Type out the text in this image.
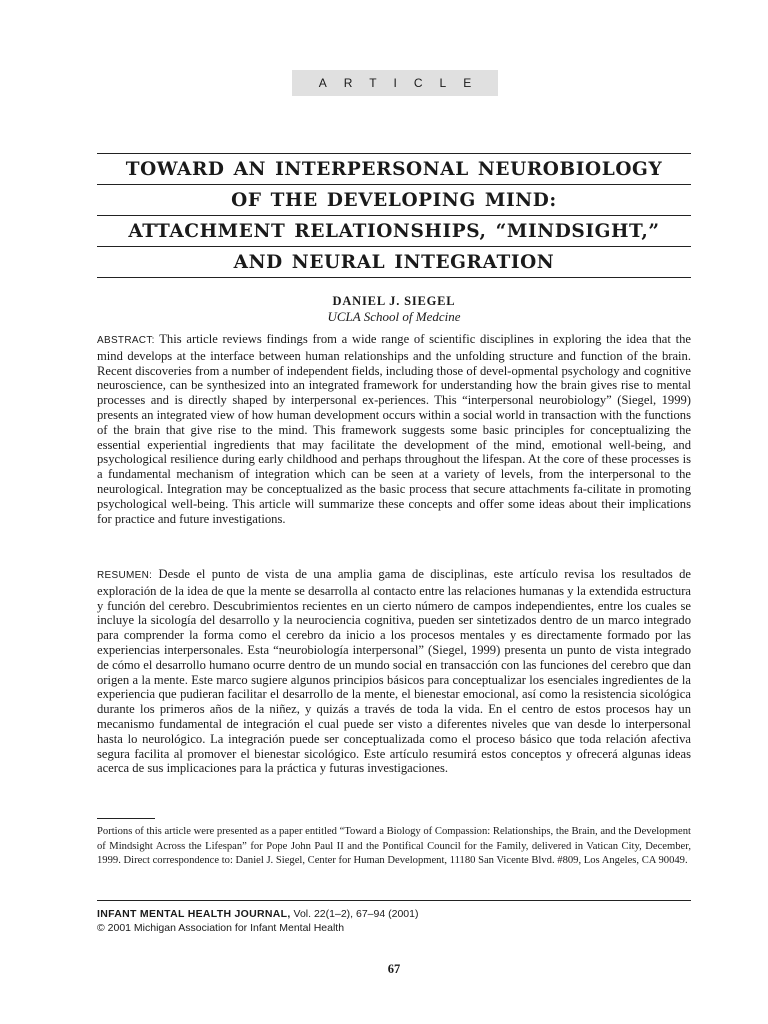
ARTICLE
TOWARD AN INTERPERSONAL NEUROBIOLOGY
OF THE DEVELOPING MIND:
ATTACHMENT RELATIONSHIPS, “MINDSIGHT,”
AND NEURAL INTEGRATION
DANIEL J. SIEGEL
UCLA School of Medcine
ABSTRACT: This article reviews findings from a wide range of scientific disciplines in exploring the idea that the mind develops at the interface between human relationships and the unfolding structure and function of the brain. Recent discoveries from a number of independent fields, including those of devel-opmental psychology and cognitive neuroscience, can be synthesized into an integrated framework for understanding how the brain gives rise to mental processes and is directly shaped by interpersonal ex-periences. This “interpersonal neurobiology” (Siegel, 1999) presents an integrated view of how human development occurs within a social world in transaction with the functions of the brain that give rise to the mind. This framework suggests some basic principles for conceptualizing the essential experiential ingredients that may facilitate the development of the mind, emotional well-being, and psychological resilience during early childhood and perhaps throughout the lifespan. At the core of these processes is a fundamental mechanism of integration which can be seen at a variety of levels, from the interpersonal to the neurological. Integration may be conceptualized as the basic process that secure attachments fa-cilitate in promoting psychological well-being. This article will summarize these concepts and offer some ideas about their implications for practice and future investigations.
RESUMEN: Desde el punto de vista de una amplia gama de disciplinas, este artículo revisa los resultados de exploración de la idea de que la mente se desarrolla al contacto entre las relaciones humanas y la extendida estructura y función del cerebro. Descubrimientos recientes en un cierto número de campos independientes, entre los cuales se incluye la sicología del desarrollo y la neurociencia cognitiva, pueden ser sintetizados dentro de un marco integrado para comprender la forma como el cerebro da inicio a los procesos mentales y es directamente formado por las experiencias interpersonales. Esta “neurobiología interpersonal” (Siegel, 1999) presenta un punto de vista integrado de cómo el desarrollo humano ocurre dentro de un mundo social en transacción con las funciones del cerebro que dan origen a la mente. Este marco sugiere algunos principios básicos para conceptualizar los esenciales ingredientes de la experiencia que pudieran facilitar el desarrollo de la mente, el bienestar emocional, así como la resistencia sicológica durante los primeros años de la niñez, y quizás a través de toda la vida. En el centro de estos procesos hay un mecanismo fundamental de integración el cual puede ser visto a diferentes niveles que van desde lo interpersonal hasta lo neurológico. La integración puede ser conceptualizada como el proceso básico que toda relación afectiva segura facilita al promover el bienestar sicológico. Este artículo resumirá estos conceptos y ofrecerá algunas ideas acerca de sus implicaciones para la práctica y futuras investigaciones.
Portions of this article were presented as a paper entitled “Toward a Biology of Compassion: Relationships, the Brain, and the Development of Mindsight Across the Lifespan” for Pope John Paul II and the Pontifical Council for the Family, delivered in Vatican City, December, 1999. Direct correspondence to: Daniel J. Siegel, Center for Human Development, 11180 San Vicente Blvd. #809, Los Angeles, CA 90049.
INFANT MENTAL HEALTH JOURNAL, Vol. 22(1–2), 67–94 (2001)
© 2001 Michigan Association for Infant Mental Health
67
